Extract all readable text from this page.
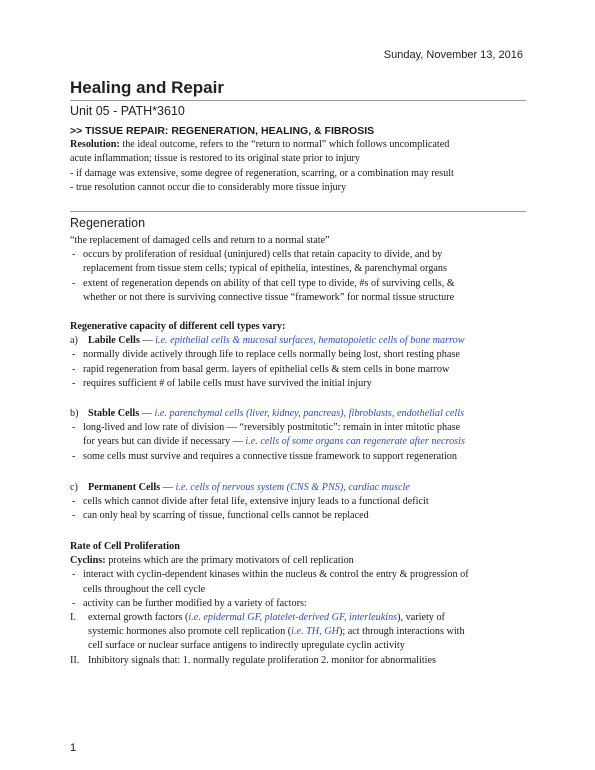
Sunday, November 13, 2016
Healing and Repair
Unit 05 - PATH*3610
>> TISSUE REPAIR: REGENERATION, HEALING, & FIBROSIS
Resolution: the ideal outcome, refers to the “return to normal” which follows uncomplicated
acute inflammation; tissue is restored to its original state prior to injury
- if damage was extensive, some degree of regeneration, scarring, or a combination may result
- true resolution cannot occur die to considerably more tissue injury
Regeneration
“the replacement of damaged cells and return to a normal state”
- occurs by proliferation of residual (uninjured) cells that retain capacity to divide, and by
replacement from tissue stem cells; typical of epithelia, intestines, & parenchymal organs
- extent of regeneration depends on ability of that cell type to divide, #s of surviving cells, &
whether or not there is surviving connective tissue “framework” for normal tissue structure
Regenerative capacity of different cell types vary:
a) Labile Cells — i.e. epithelial cells & mucosal surfaces, hematopoietic cells of bone marrow
- normally divide actively through life to replace cells normally being lost, short resting phase
- rapid regeneration from basal germ. layers of epithelial cells & stem cells in bone marrow
- requires sufficient # of labile cells must have survived the initial injury
b) Stable Cells — i.e. parenchymal cells (liver, kidney, pancreas), fibroblasts, endothelial cells
- long-lived and low rate of division — “reversibly postmitotic”: remain in inter mitotic phase
for years but can divide if necessary — i.e. cells of some organs can regenerate after necrosis
- some cells must survive and requires a connective tissue framework to support regeneration
c) Permanent Cells — i.e. cells of nervous system (CNS & PNS), cardiac muscle
- cells which cannot divide after fetal life, extensive injury leads to a functional deficit
- can only heal by scarring of tissue, functional cells cannot be replaced
Rate of Cell Proliferation
Cyclins: proteins which are the primary motivators of cell replication
- interact with cyclin-dependent kinases within the nucleus & control the entry & progression of
cells throughout the cell cycle
- activity can be further modified by a variety of factors:
I. external growth factors (i.e. epidermal GF, platelet-derived GF, interleukins), variety of
systemic hormones also promote cell replication (i.e. TH, GH); act through interactions with
cell surface or nuclear surface antigens to indirectly upregulate cyclin activity
II. Inhibitory signals that: 1. normally regulate proliferation 2. monitor for abnormalities
1
